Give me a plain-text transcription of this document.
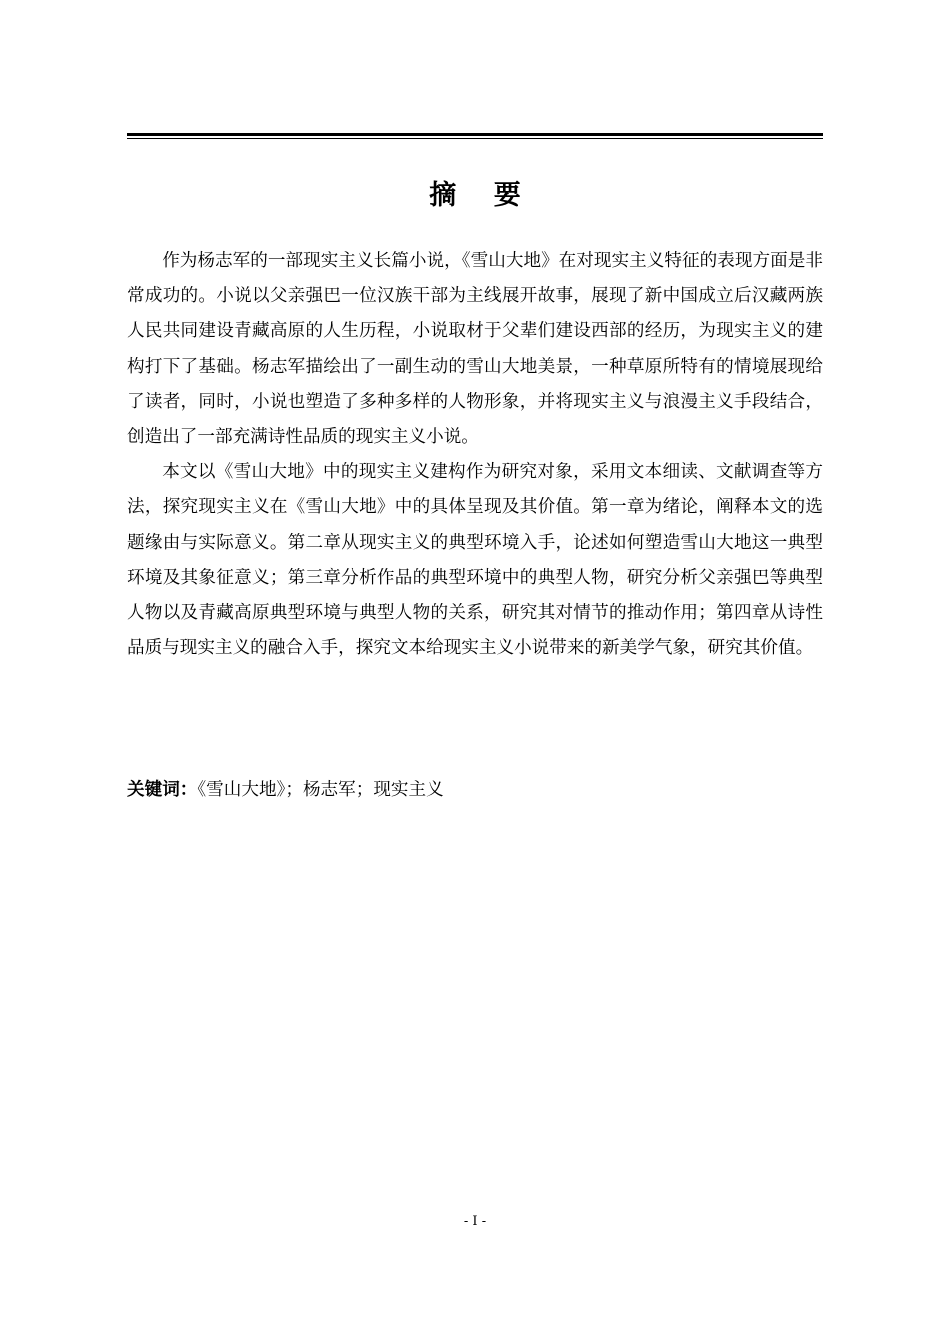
摘 要

作为杨志军的一部现实主义长篇小说，《雪山大地》在对现实主义特征的表现方面是非常成功的。小说以父亲强巴一位汉族干部为主线展开故事，展现了新中国成立后汉藏两族人民共同建设青藏高原的人生历程，小说取材于父辈们建设西部的经历，为现实主义的建构打下了基础。杨志军描绘出了一副生动的雪山大地美景，一种草原所特有的情境展现给了读者，同时，小说也塑造了多种多样的人物形象，并将现实主义与浪漫主义手段结合，创造出了一部充满诗性品质的现实主义小说。

本文以《雪山大地》中的现实主义建构作为研究对象，采用文本细读、文献调查等方法，探究现实主义在《雪山大地》中的具体呈现及其价值。第一章为绪论，阐释本文的选题缘由与实际意义。第二章从现实主义的典型环境入手，论述如何塑造雪山大地这一典型环境及其象征意义；第三章分析作品的典型环境中的典型人物，研究分析父亲强巴等典型人物以及青藏高原典型环境与典型人物的关系，研究其对情节的推动作用；第四章从诗性品质与现实主义的融合入手，探究文本给现实主义小说带来的新美学气象，研究其价值。

关键词：《雪山大地》；杨志军；现实主义
- I -
